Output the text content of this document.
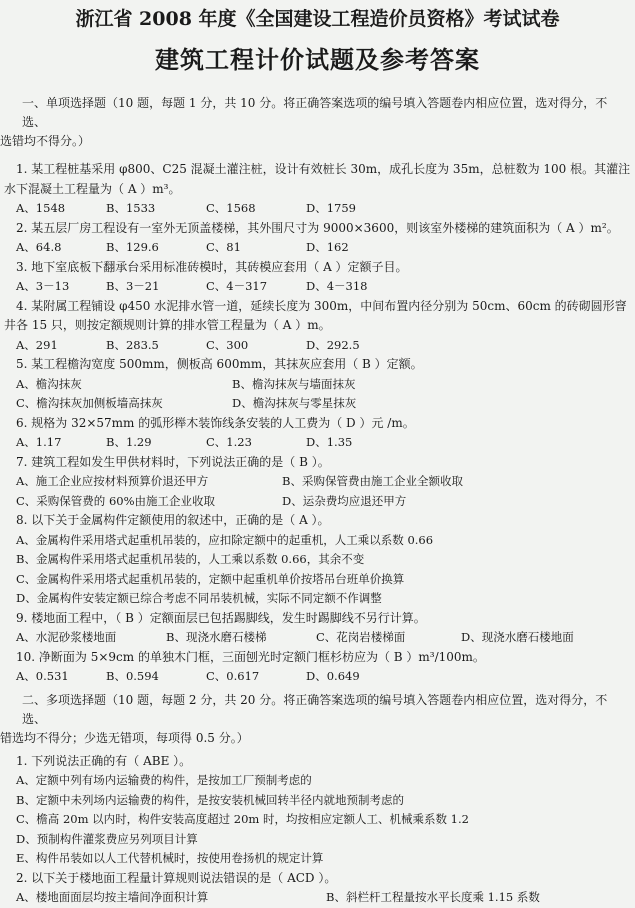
浙江省 2008 年度《全国建设工程造价员资格》考试试卷
建筑工程计价试题及参考答案
一、单项选择题（10 题，每题 1 分，共 10 分。将正确答案选项的编号填入答题卷内相应位置，选对得分，不选、
选错均不得分。）
1. 某工程桩基采用 φ800、C25 混凝土灌注桩，设计有效桩长 30m，成孔长度为 35m，总桩数为 100 根。其灌注
水下混凝土工程量为（ A ）m³。
A、1548	B、1533	C、1568	D、1759
2. 某五层厂房工程设有一室外无顶盖楼梯，其外围尺寸为 9000×3600，则该室外楼梯的建筑面积为（ A ）m²。
A、64.8	B、129.6	C、81	D、162
3. 地下室底板下翻承台采用标准砖模时，其砖模应套用（ A ）定额子目。
A、3－13	B、3－21	C、4－317	D、4－318
4. 某附属工程铺设 φ450 水泥排水管一道，延续长度为 300m，中间布置内径分别为 50cm、60cm 的砖砌圆形窨
井各 15 只，则按定额规则计算的排水管工程量为（ A ）m。
A、291	B、283.5	C、300	D、292.5
5. 某工程檐沟宽度 500mm，侧板高 600mm，其抹灰应套用（ B ）定额。
A、檐沟抹灰	B、檐沟抹灰与墙面抹灰
C、檐沟抹灰加侧板墙高抹灰	D、檐沟抹灰与零星抹灰
6. 规格为 32×57mm 的弧形榉木装饰线条安装的人工费为（ D ）元 /m。
A、1.17	B、1.29	C、1.23	D、1.35
7. 建筑工程如发生甲供材料时，下列说法正确的是（ B ）。
A、施工企业应按材料预算价退还甲方	B、采购保管费由施工企业全额收取
C、采购保管费的 60%由施工企业收取	D、运杂费均应退还甲方
8. 以下关于金属构件定额使用的叙述中，正确的是（ A ）。
A、金属构件采用塔式起重机吊装的，应扣除定额中的起重机，人工乘以系数 0.66
B、金属构件采用塔式起重机吊装的，人工乘以系数 0.66，其余不变
C、金属构件采用塔式起重机吊装的，定额中起重机单价按塔吊台班单价换算
D、金属构件安装定额已综合考虑不同吊装机械，实际不同定额不作调整
9. 楼地面工程中，（ B ）定额面层已包括踢脚线，发生时踢脚线不另行计算。
A、水泥砂浆楼地面	B、现浇水磨石楼梯	C、花岗岩楼梯面	D、现浇水磨石楼地面
10. 净断面为 5×9cm 的单独木门框，三面刨光时定额门框杉枋应为（ B ）m³/100m。
A、0.531	B、0.594	C、0.617	D、0.649
二、多项选择题（10 题，每题 2 分，共 20 分。将正确答案选项的编号填入答题卷内相应位置，选对得分，不选、
错选均不得分；少选无错项，每项得 0.5 分。）
1. 下列说法正确的有（ ABE ）。
A、定额中列有场内运输费的构件，是按加工厂预制考虑的
B、定额中未列场内运输费的构件，是按安装机械回转半径内就地预制考虑的
C、檐高 20m 以内时，构件安装高度超过 20m 时，均按相应定额人工、机械乘系数 1.2
D、预制构件灌浆费应另列项目计算
E、构件吊装如以人工代替机械时，按使用卷扬机的规定计算
2. 以下关于楼地面工程量计算规则说法错误的是（ ACD ）。
A、楼地面面层均按主墙间净面积计算	B、斜栏杆工程量按水平长度乘 1.15 系数
